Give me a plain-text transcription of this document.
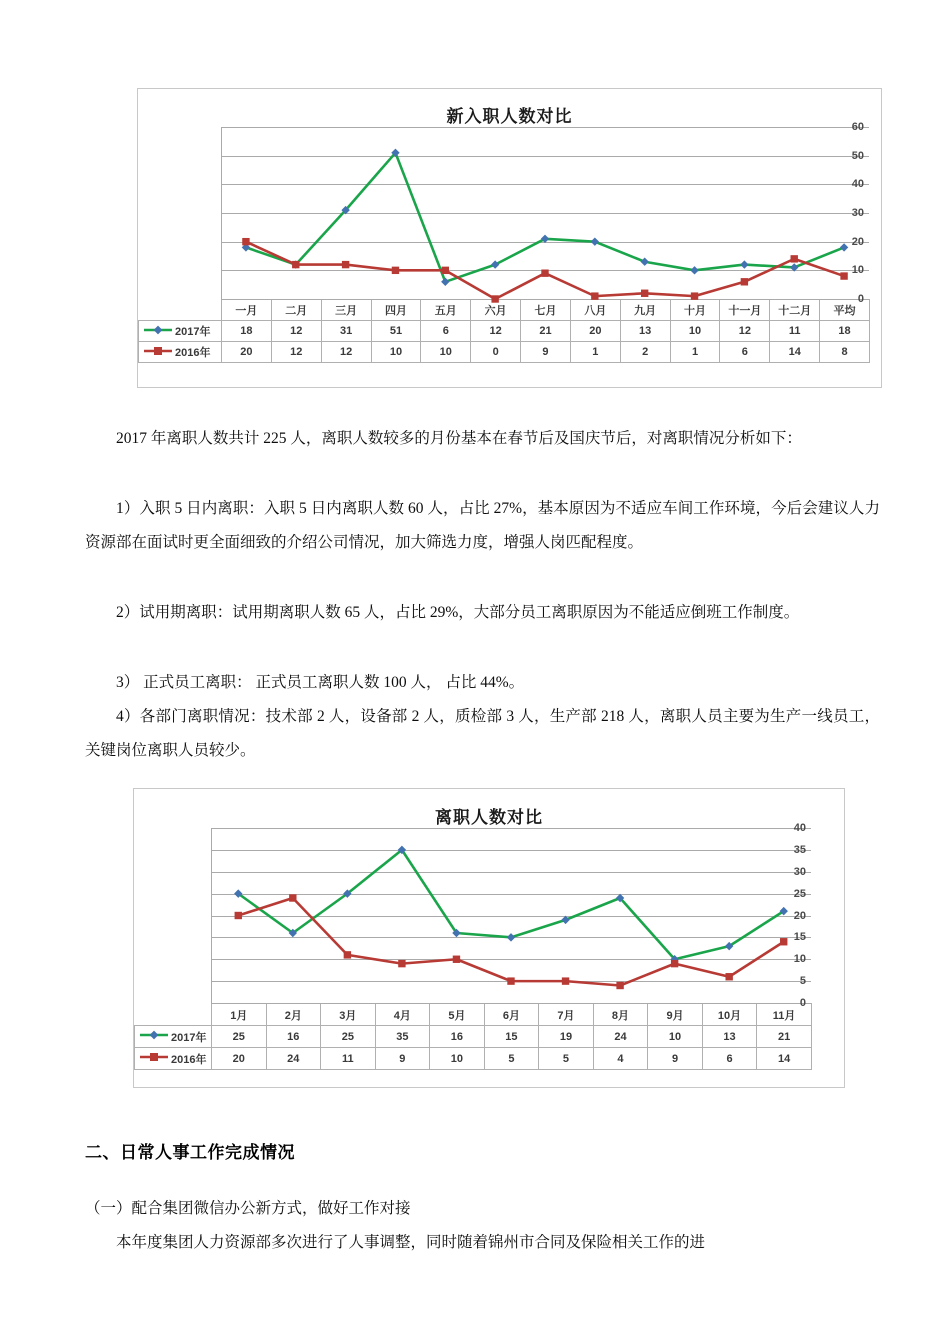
新入职人数对比
0
10
20
30
40
50
60
	一月	二月	三月	四月	五月	六月	七月	八月	九月	十月	十一月	十二月	平均
2017年	18	12	31	51	6	12	21	20	13	10	12	11	18
2016年	20	12	12	10	10	0	9	1	2	1	6	14	8
2017 年离职人数共计 225 人，离职人数较多的月份基本在春节后及国庆节后，对离职情况分析如下：
1）入职 5 日内离职：入职 5 日内离职人数 60 人，占比 27%，基本原因为不适应车间工作环境，今后会建议人力资源部在面试时更全面细致的介绍公司情况，加大筛选力度，增强人岗匹配程度。
2）试用期离职：试用期离职人数 65 人，占比 29%，大部分员工离职原因为不能适应倒班工作制度。
3） 正式员工离职： 正式员工离职人数 100 人， 占比 44%。
4）各部门离职情况：技术部 2 人，设备部 2 人，质检部 3 人，生产部 218 人，离职人员主要为生产一线员工，关键岗位离职人员较少。
离职人数对比
0
5
10
15
20
25
30
35
40
	1月	2月	3月	4月	5月	6月	7月	8月	9月	10月	11月
2017年	25	16	25	35	16	15	19	24	10	13	21
2016年	20	24	11	9	10	5	5	4	9	6	14
二、日常人事工作完成情况
（一）配合集团微信办公新方式，做好工作对接
本年度集团人力资源部多次进行了人事调整，同时随着锦州市合同及保险相关工作的进
